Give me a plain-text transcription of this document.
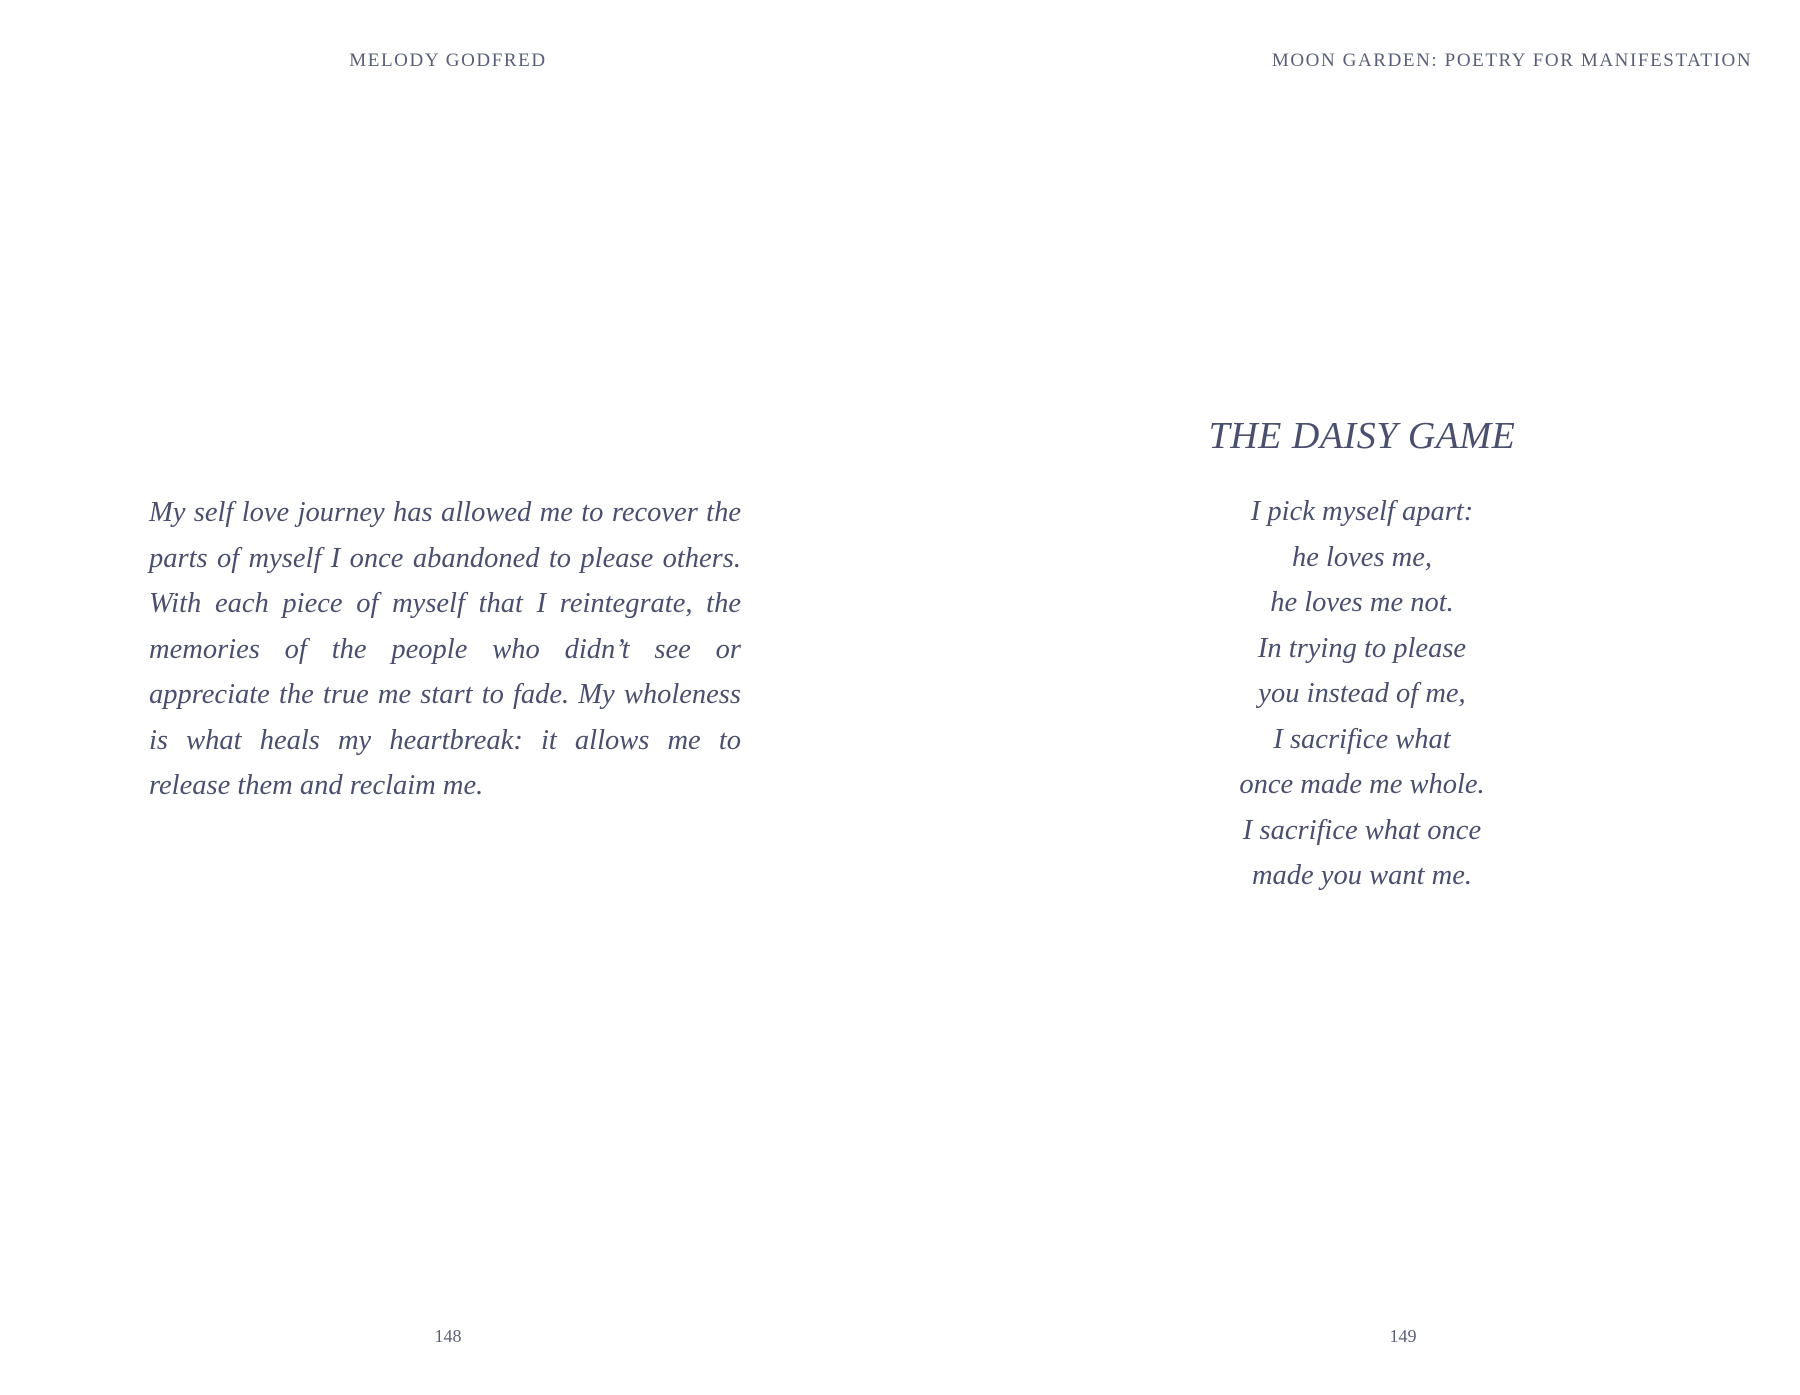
MELODY GODFRED

My self love journey has allowed me to recover the parts of myself I once abandoned to please others. With each piece of myself that I reintegrate, the memories of the people who didn’t see or appreciate the true me start to fade. My wholeness is what heals my heartbreak: it allows me to release them and reclaim me.

148
MOON GARDEN: POETRY FOR MANIFESTATION
THE DAISY GAME
I pick myself apart:
he loves me,
he loves me not.
In trying to please
you instead of me,
I sacrifice what
once made me whole.
I sacrifice what once
made you want me.
149
